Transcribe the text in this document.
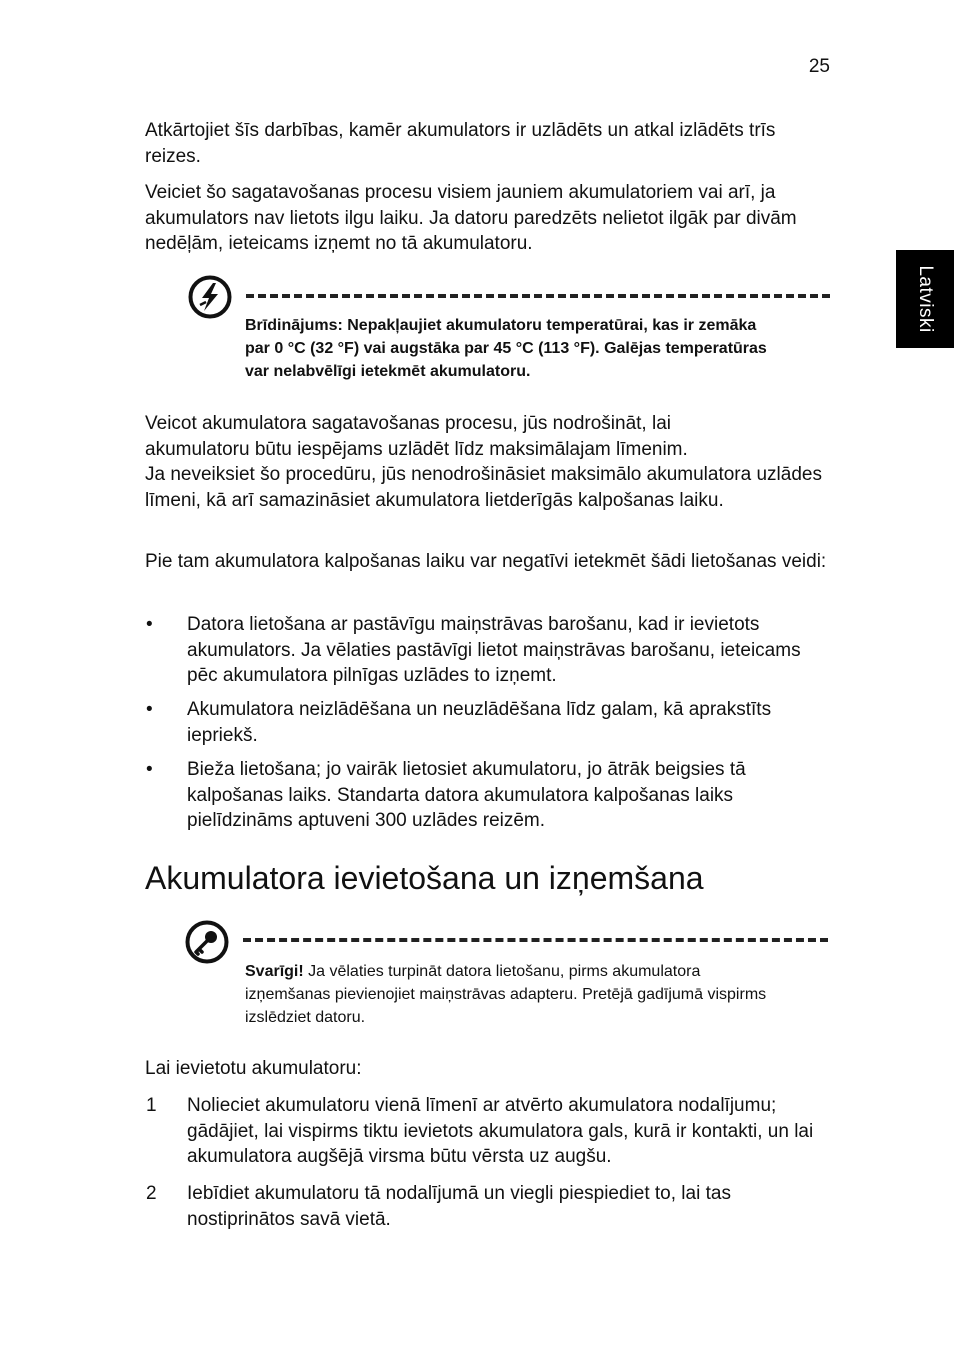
25
Latviski

Atkārtojiet šīs darbības, kamēr akumulators ir uzlādēts un atkal izlādēts trīs reizes.

Veiciet šo sagatavošanas procesu visiem jauniem akumulatoriem vai arī, ja akumulators nav lietots ilgu laiku. Ja datoru paredzēts nelietot ilgāk par divām nedēļām, ieteicams izņemt no tā akumulatoru.

Brīdinājums: Nepakļaujiet akumulatoru temperatūrai, kas ir zemāka par 0 °C (32 °F) vai augstāka par 45 °C (113 °F). Galējas temperatūras var nelabvēlīgi ietekmēt akumulatoru.

Veicot akumulatora sagatavošanas procesu, jūs nodrošināt, lai akumulatoru būtu iespējams uzlādēt līdz maksimālajam līmenim.

Ja neveiksiet šo procedūru, jūs nenodrošināsiet maksimālo akumulatora uzlādes līmeni, kā arī samazināsiet akumulatora lietderīgās kalpošanas laiku.

Pie tam akumulatora kalpošanas laiku var negatīvi ietekmēt šādi lietošanas veidi:

• Datora lietošana ar pastāvīgu maiņstrāvas barošanu, kad ir ievietots akumulators. Ja vēlaties pastāvīgi lietot maiņstrāvas barošanu, ieteicams pēc akumulatora pilnīgas uzlādes to izņemt.

• Akumulatora neizlādēšana un neuzlādēšana līdz galam, kā aprakstīts iepriekš.

• Bieža lietošana; jo vairāk lietosiet akumulatoru, jo ātrāk beigsies tā kalpošanas laiks. Standarta datora akumulatora kalpošanas laiks pielīdzināms aptuveni 300 uzlādes reizēm.

Akumulatora ievietošana un izņemšana

Svarīgi! Ja vēlaties turpināt datora lietošanu, pirms akumulatora izņemšanas pievienojiet maiņstrāvas adapteru. Pretējā gadījumā vispirms izslēdziet datoru.

Lai ievietotu akumulatoru:

1 Nolieciet akumulatoru vienā līmenī ar atvērto akumulatora nodalījumu; gādājiet, lai vispirms tiktu ievietots akumulatora gals, kurā ir kontakti, un lai akumulatora augšējā virsma būtu vērsta uz augšu.

2 Iebīdiet akumulatoru tā nodalījumā un viegli piespiediet to, lai tas nostiprinātos savā vietā.
